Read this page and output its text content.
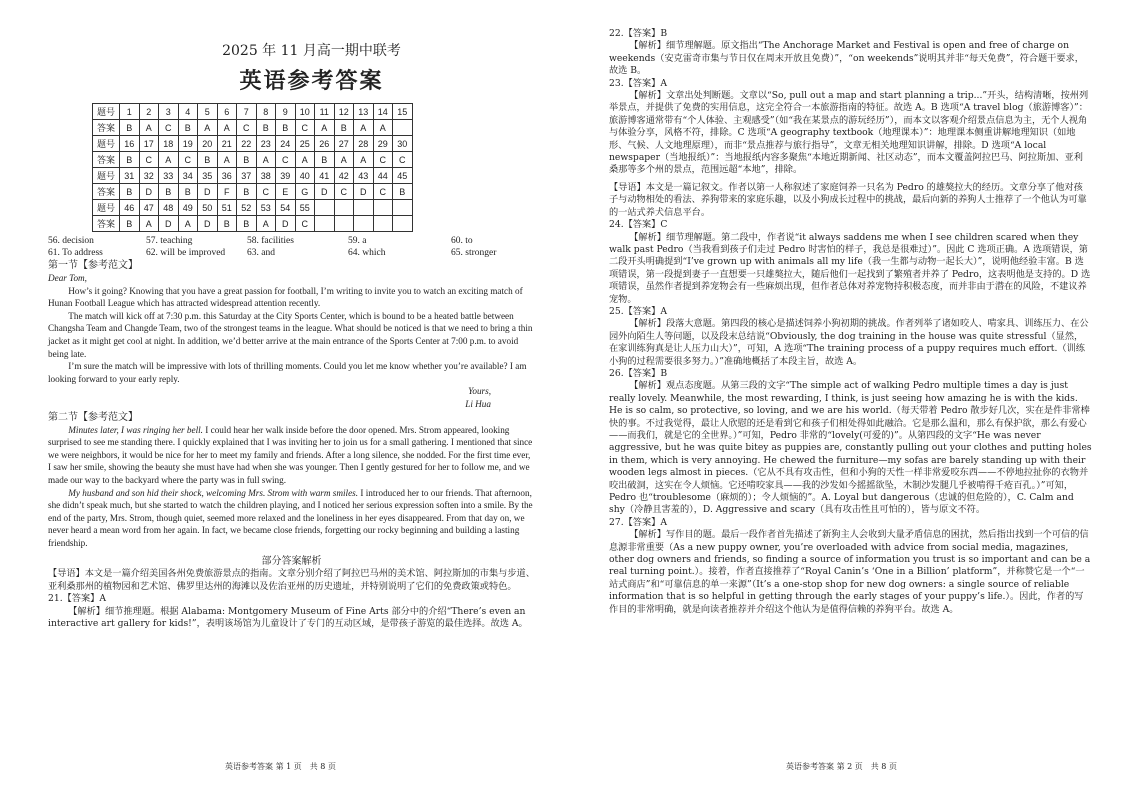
2025 年 11 月高一期中联考
英语参考答案
题号	1	2	3	4	5	6	7	8	9	10	11	12	13	14	15
答案	B	A	C	B	A	A	C	B	B	C	A	B	A	A	
题号	16	17	18	19	20	21	22	23	24	25	26	27	28	29	30
答案	B	C	A	C	B	A	B	A	C	A	B	A	A	C	C
题号	31	32	33	34	35	36	37	38	39	40	41	42	43	44	45
答案	B	D	B	B	D	F	B	C	E	G	D	C	D	C	B
题号	46	47	48	49	50	51	52	53	54	55					
答案	B	A	D	A	D	B	B	A	D	C					
56. decision	57. teaching	58. facilities	59. a	60. to
61. To address	62. will be improved	63. and	64. which	65. stronger

第一节【参考范文】

Dear Tom,

How’s it going? Knowing that you have a great passion for football, I’m writing to invite you to watch an exciting match of Hunan Football League which has attracted widespread attention recently.

The match will kick off at 7:30 p.m. this Saturday at the City Sports Center, which is bound to be a heated battle between Changsha Team and Changde Team, two of the strongest teams in the league. What should be noticed is that we need to bring a thin jacket as it might get cool at night. In addition, we’d better arrive at the main entrance of the Sports Center at 7:00 p.m. to avoid being late.

I’m sure the match will be impressive with lots of thrilling moments. Could you let me know whether you’re available? I am looking forward to your early reply.

Yours,

Li Hua

第二节【参考范文】

Minutes later, I was ringing her bell. I could hear her walk inside before the door opened. Mrs. Strom appeared, looking surprised to see me standing there. I quickly explained that I was inviting her to join us for a small gathering. I mentioned that since we were neighbors, it would be nice for her to meet my family and friends. After a long silence, she nodded. For the first time ever, I saw her smile, showing the beauty she must have had when she was younger. Then I gently gestured for her to follow me, and we made our way to the backyard where the party was in full swing.

My husband and son hid their shock, welcoming Mrs. Strom with warm smiles. I introduced her to our friends. That afternoon, she didn’t speak much, but she started to watch the children playing, and I noticed her serious expression soften into a smile. By the end of the party, Mrs. Strom, though quiet, seemed more relaxed and the loneliness in her eyes disappeared. From that day on, we never heard a mean word from her again. In fact, we became close friends, forgetting our rocky beginning and building a lasting friendship.

部分答案解析

【导语】本文是一篇介绍美国各州免费旅游景点的指南。文章分别介绍了阿拉巴马州的美术馆、阿拉斯加的市集与步道、亚利桑那州的植物园和艺术馆、佛罗里达州的海滩以及佐治亚州的历史遗址，并特别说明了它们的免费政策或特色。

21.【答案】A

【解析】细节推理题。根据 Alabama: Montgomery Museum of Fine Arts 部分中的介绍“There’s even an interactive art gallery for kids!”，表明该场馆为儿童设计了专门的互动区域，是带孩子游览的最佳选择。故选 A。

英语参考答案 第 1 页　共 8 页

22.【答案】B

【解析】细节理解题。原文指出“The Anchorage Market and Festival is open and free of charge on weekends（安克雷奇市集与节日仅在周末开放且免费）”，“on weekends”说明其并非“每天免费”，符合题干要求，故选 B。

23.【答案】A

【解析】文章出处判断题。文章以“So, pull out a map and start planning a trip...”开头，结构清晰，按州列举景点，并提供了免费的实用信息，这完全符合一本旅游指南的特征。故选 A。B 选项“A travel blog（旅游博客）”：旅游博客通常带有“个人体验、主观感受”（如“我在某景点的游玩经历”），而本文以客观介绍景点信息为主，无个人视角与体验分享，风格不符，排除。C 选项“A geography textbook（地理课本）”：地理课本侧重讲解地理知识（如地形、气候、人文地理原理），而非“景点推荐与旅行指导”，文章无相关地理知识讲解，排除。D 选项“A local newspaper（当地报纸）”：当地报纸内容多聚焦“本地近期新闻、社区动态”，而本文覆盖阿拉巴马、阿拉斯加、亚利桑那等多个州的景点，范围远超“本地”，排除。

【导语】本文是一篇记叙文。作者以第一人称叙述了家庭饲养一只名为 Pedro 的雄獒拉大的经历。文章分享了他对孩子与动物相处的看法、养狗带来的家庭乐趣，以及小狗成长过程中的挑战，最后向新的养狗人士推荐了一个他认为可靠的一站式养犬信息平台。

24.【答案】C

【解析】细节理解题。第二段中，作者说“it always saddens me when I see children scared when they walk past Pedro（当我看到孩子们走过 Pedro 时害怕的样子，我总是很难过）”。因此 C 选项正确。A 选项错误，第二段开头明确提到“I’ve grown up with animals all my life（我一生都与动物一起长大）”，说明他经验丰富。B 选项错误，第一段提到妻子一直想要一只雄獒拉大，随后他们一起找到了繁殖者并养了 Pedro，这表明他是支持的。D 选项错误，虽然作者提到养宠物会有一些麻烦出现，但作者总体对养宠物持积极态度，而并非由于潜在的风险，不建议养宠物。

25.【答案】A

【解析】段落大意题。第四段的核心是描述饲养小狗初期的挑战。作者列举了诸如咬人、啃家具、训练压力、在公园外向陌生人等问题，以及段末总结说“Obviously, the dog training in the house was quite stressful（显然，在家训练狗真是让人压力山大）”，可知，A 选项“The training process of a puppy requires much effort.（训练小狗的过程需要很多努力。）”准确地概括了本段主旨，故选 A。

26.【答案】B

【解析】观点态度题。从第三段的文字“The simple act of walking Pedro multiple times a day is just really lovely. Meanwhile, the most rewarding, I think, is just seeing how amazing he is with the kids. He is so calm, so protective, so loving, and we are his world.（每天带着 Pedro 散步好几次，实在是件非常棒快的事。不过我觉得，最让人欣慰的还是看到它和孩子们相处得如此融洽。它是那么温和，那么有保护欲，那么有爱心——而我们，就是它的全世界。）”可知，Pedro 非常的“lovely(可爱的)”。从第四段的文字“He was never aggressive, but he was quite bitey as puppies are, constantly pulling out your clothes and putting holes in them, which is very annoying. He chewed the furniture—my sofas are barely standing up with their wooden legs almost in pieces.（它从不具有攻击性，但和小狗的天性一样非常爱咬东西——不停地拉扯你的衣物并咬出破洞，这实在令人烦恼。它还啃咬家具——我的沙发如今摇摇欲坠，木制沙发腿几乎被啃得千疮百孔。）”可知，Pedro 也“troublesome（麻烦的）；令人烦恼的”。A. Loyal but dangerous（忠诚的但危险的），C. Calm and shy（冷静且害羞的），D. Aggressive and scary（具有攻击性且可怕的），皆与原文不符。

27.【答案】A

【解析】写作目的题。最后一段作者首先描述了新狗主人会收到大量矛盾信息的困扰，然后指出找到一个可信的信息源非常重要（As a new puppy owner, you’re overloaded with advice from social media, magazines, other dog owners and friends, so finding a source of information you trust is so important and can be a real turning point.）。接着，作者直接推荐了“Royal Canin’s ‘One in a Billion’ platform”，并称赞它是一个“一站式商店”和“可靠信息的单一来源”（It’s a one-stop shop for new dog owners: a single source of reliable information that is so helpful in getting through the early stages of your puppy’s life.）。因此，作者的写作目的非常明确，就是向读者推荐并介绍这个他认为是值得信赖的养狗平台。故选 A。

英语参考答案 第 2 页　共 8 页
